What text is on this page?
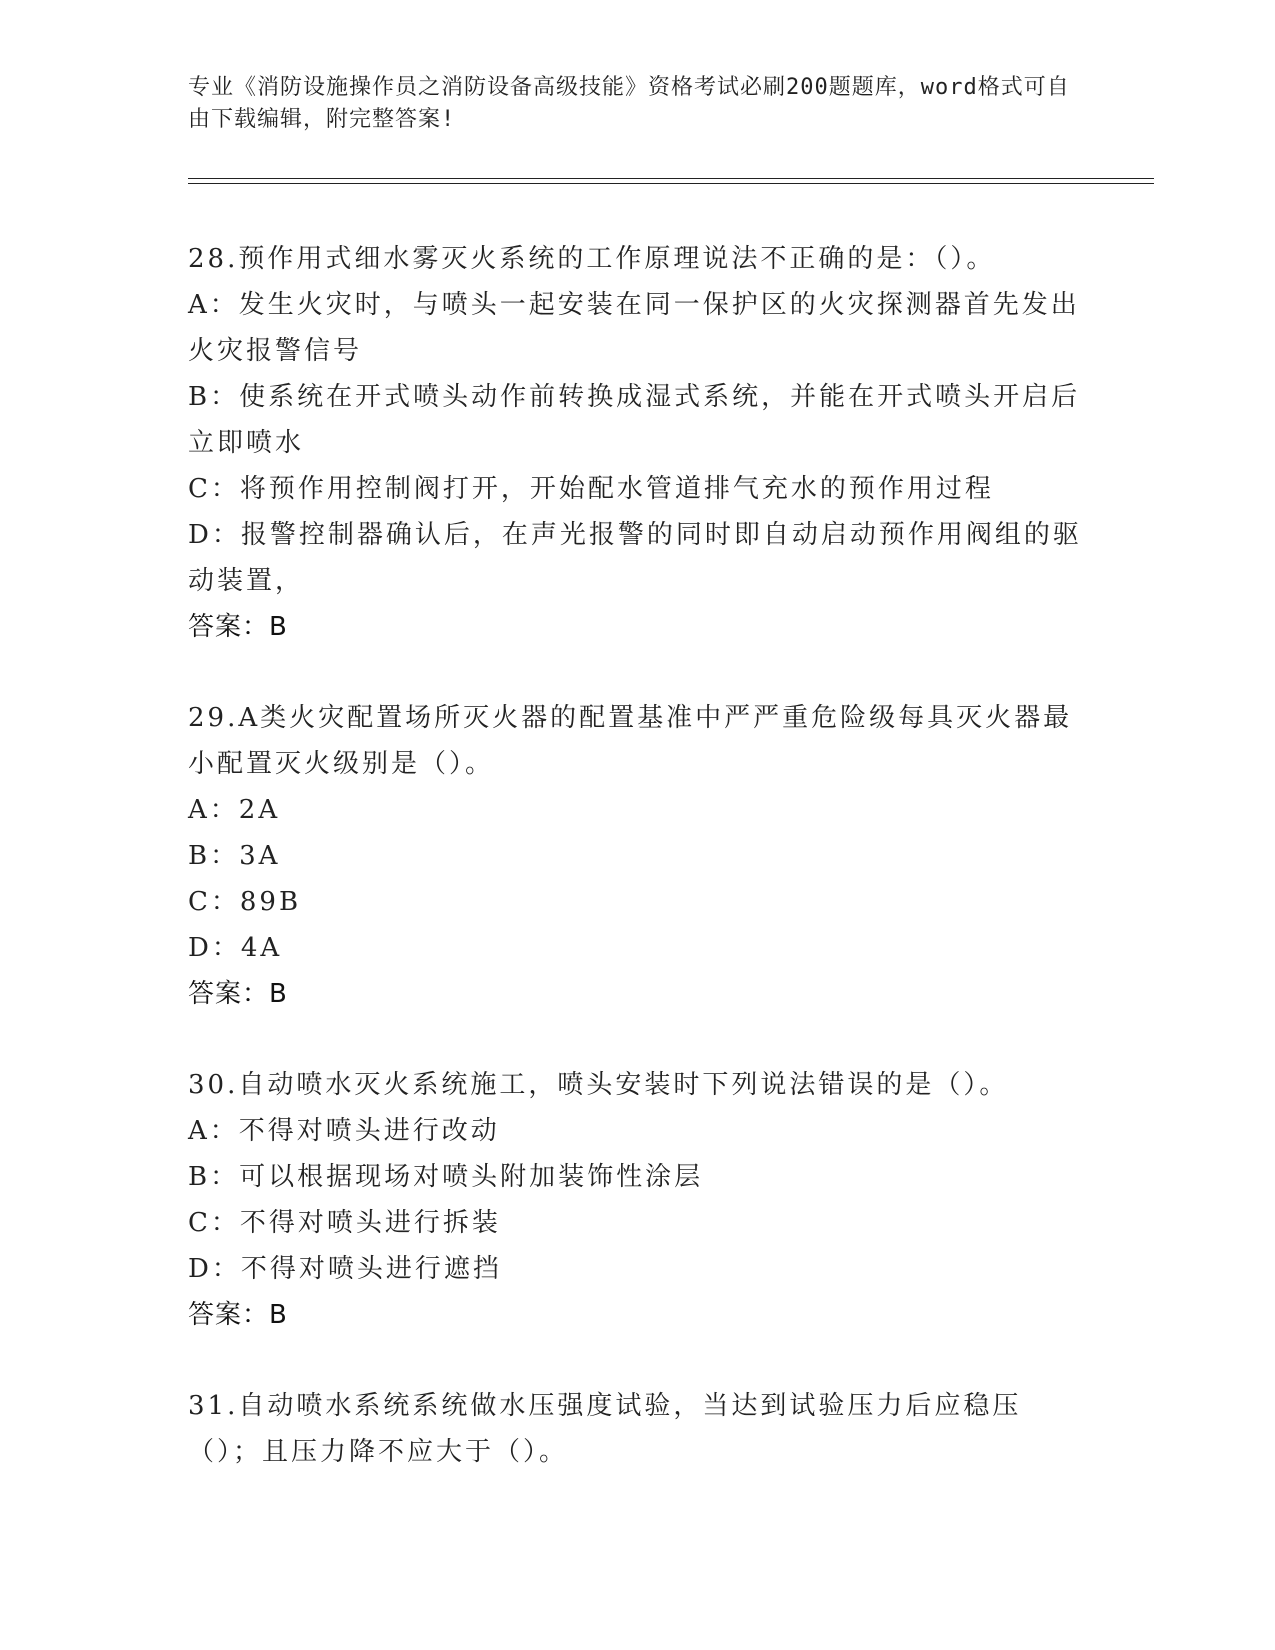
专业《消防设施操作员之消防设备高级技能》资格考试必刷200题题库，word格式可自由下载编辑，附完整答案!

28.预作用式细水雾灭火系统的工作原理说法不正确的是：（）。

A：发生火灾时，与喷头一起安装在同一保护区的火灾探测器首先发出火灾报警信号

B：使系统在开式喷头动作前转换成湿式系统，并能在开式喷头开启后立即喷水

C：将预作用控制阀打开，开始配水管道排气充水的预作用过程

D：报警控制器确认后，在声光报警的同时即自动启动预作用阀组的驱动装置，

答案：B

29.A类火灾配置场所灭火器的配置基准中严严重危险级每具灭火器最小配置灭火级别是（）。

A：2A

B：3A

C：89B

D：4A

答案：B

30.自动喷水灭火系统施工，喷头安装时下列说法错误的是（）。

A：不得对喷头进行改动

B：可以根据现场对喷头附加装饰性涂层

C：不得对喷头进行拆装

D：不得对喷头进行遮挡

答案：B

31.自动喷水系统系统做水压强度试验，当达到试验压力后应稳压（）；且压力降不应大于（）。
